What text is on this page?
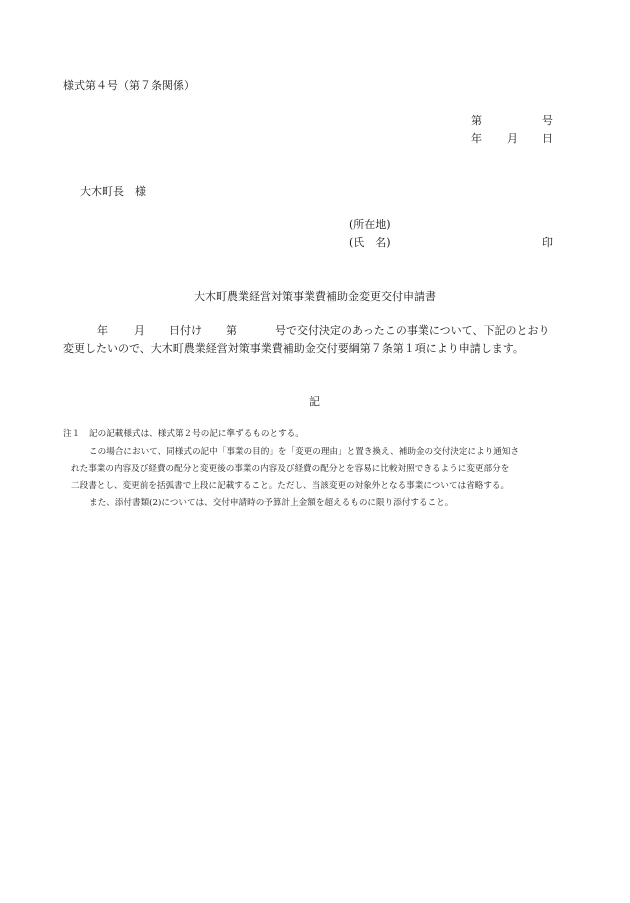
様式第４号（第７条関係）
第	号
年 月 日
大木町長　様
(所在地)
(氏　名)	印
大木町農業経営対策事業費補助金変更交付申請書
年 月 日付け 第	号で交付決定のあったこの事業について、下記のとおり
変更したいので、大木町農業経営対策事業費補助金交付要綱第７条第１項により申請します。
記
注１ 記の記載様式は、様式第２号の記に準ずるものとする。
この場合において、同様式の記中「事業の目的」を「変更の理由」と置き換え、補助金の交付決定により通知さ
れた事業の内容及び経費の配分と変更後の事業の内容及び経費の配分とを容易に比較対照できるように変更部分を
二段書とし、変更前を括弧書で上段に記載すること。ただし、当該変更の対象外となる事業については省略する。
また、添付書類(2)については、交付申請時の予算計上金額を超えるものに限り添付すること。
